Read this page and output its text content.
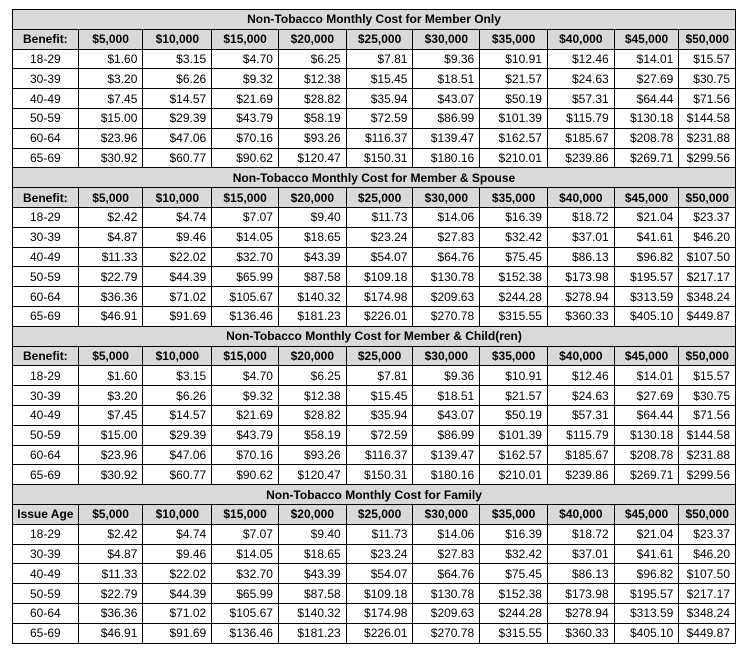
Non-Tobacco Monthly Cost for Member Only										
Benefit:	$5,000	$10,000	$15,000	$20,000	$25,000	$30,000	$35,000	$40,000	$45,000	$50,000
18-29	$1.60	$3.15	$4.70	$6.25	$7.81	$9.36	$10.91	$12.46	$14.01	$15.57
30-39	$3.20	$6.26	$9.32	$12.38	$15.45	$18.51	$21.57	$24.63	$27.69	$30.75
40-49	$7.45	$14.57	$21.69	$28.82	$35.94	$43.07	$50.19	$57.31	$64.44	$71.56
50-59	$15.00	$29.39	$43.79	$58.19	$72.59	$86.99	$101.39	$115.79	$130.18	$144.58
60-64	$23.96	$47.06	$70.16	$93.26	$116.37	$139.47	$162.57	$185.67	$208.78	$231.88
65-69	$30.92	$60.77	$90.62	$120.47	$150.31	$180.16	$210.01	$239.86	$269.71	$299.56
Non-Tobacco Monthly Cost for Member & Spouse										
Benefit:	$5,000	$10,000	$15,000	$20,000	$25,000	$30,000	$35,000	$40,000	$45,000	$50,000
18-29	$2.42	$4.74	$7.07	$9.40	$11.73	$14.06	$16.39	$18.72	$21.04	$23.37
30-39	$4.87	$9.46	$14.05	$18.65	$23.24	$27.83	$32.42	$37.01	$41.61	$46.20
40-49	$11.33	$22.02	$32.70	$43.39	$54.07	$64.76	$75.45	$86.13	$96.82	$107.50
50-59	$22.79	$44.39	$65.99	$87.58	$109.18	$130.78	$152.38	$173.98	$195.57	$217.17
60-64	$36.36	$71.02	$105.67	$140.32	$174.98	$209.63	$244.28	$278.94	$313.59	$348.24
65-69	$46.91	$91.69	$136.46	$181.23	$226.01	$270.78	$315.55	$360.33	$405.10	$449.87
Non-Tobacco Monthly Cost for Member & Child(ren)										
Benefit:	$5,000	$10,000	$15,000	$20,000	$25,000	$30,000	$35,000	$40,000	$45,000	$50,000
18-29	$1.60	$3.15	$4.70	$6.25	$7.81	$9.36	$10.91	$12.46	$14.01	$15.57
30-39	$3.20	$6.26	$9.32	$12.38	$15.45	$18.51	$21.57	$24.63	$27.69	$30.75
40-49	$7.45	$14.57	$21.69	$28.82	$35.94	$43.07	$50.19	$57.31	$64.44	$71.56
50-59	$15.00	$29.39	$43.79	$58.19	$72.59	$86.99	$101.39	$115.79	$130.18	$144.58
60-64	$23.96	$47.06	$70.16	$93.26	$116.37	$139.47	$162.57	$185.67	$208.78	$231.88
65-69	$30.92	$60.77	$90.62	$120.47	$150.31	$180.16	$210.01	$239.86	$269.71	$299.56
Non-Tobacco Monthly Cost for Family										
Issue Age	$5,000	$10,000	$15,000	$20,000	$25,000	$30,000	$35,000	$40,000	$45,000	$50,000
18-29	$2.42	$4.74	$7.07	$9.40	$11.73	$14.06	$16.39	$18.72	$21.04	$23.37
30-39	$4.87	$9.46	$14.05	$18.65	$23.24	$27.83	$32.42	$37.01	$41.61	$46.20
40-49	$11.33	$22.02	$32.70	$43.39	$54.07	$64.76	$75.45	$86.13	$96.82	$107.50
50-59	$22.79	$44.39	$65.99	$87.58	$109.18	$130.78	$152.38	$173.98	$195.57	$217.17
60-64	$36.36	$71.02	$105.67	$140.32	$174.98	$209.63	$244.28	$278.94	$313.59	$348.24
65-69	$46.91	$91.69	$136.46	$181.23	$226.01	$270.78	$315.55	$360.33	$405.10	$449.87
